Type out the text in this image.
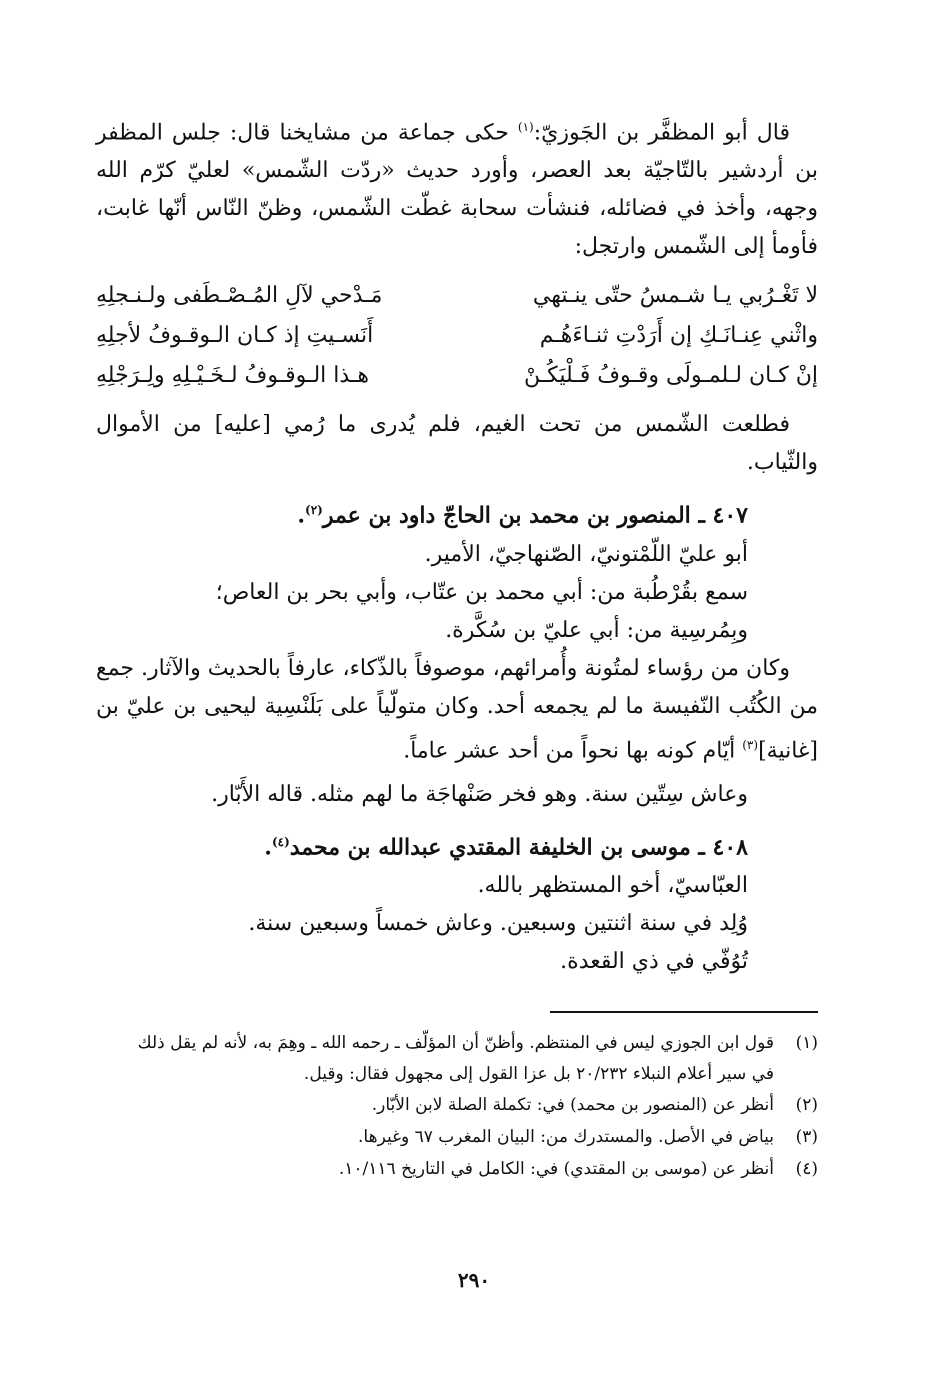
قال أبو المظفَّر بن الجَوزيّ:$^{(١)}$ حكى جماعة من مشايخنا قال: جلس المظفر بن أردشير بالتّاجيّة بعد العصر، وأورد حديث «ردّت الشّمس» لعليّ كرّم الله وجهه، وأخذ في فضائله، فنشأت سحابة غطّت الشّمس، وظنّ النّاس أنّها غابت، فأومأ إلى الشّمس وارتجل:

لا تَغْـرُبي يـا شـمسُ حتّى ينـتهي
مَـدْحي لآلِ المُـصْـطَفى ولـنـجلِهِ
واثْني عِنـانَـكِ إن أَرَدْتِ ثنـاءَهُـم
أَنَسـيتِ إذ كـان الـوقـوفُ لأجلِهِ
إنْ كـان لـلمـولَى وقـوفُ فَـلْيَكُـنْ
هـذا الـوقـوفُ لـخَـيْـلِهِ ولِـرَجْلِهِ

فطلعت الشّمس من تحت الغيم، فلم يُدرى ما رُمي [عليه] من الأموال والثّياب.

٤٠٧ ـ المنصور بن محمد بن الحاجّ داود بن عمر$^{(٢)}$.
أبو عليّ اللّمْتونيّ، الصّنهاجيّ، الأمير.
سمع بقُرْطُبة من: أبي محمد بن عتّاب، وأبي بحر بن العاص؛
وبِمُرسِية من: أبي عليّ بن سُكَّرة.

وكان من رؤساء لمتُونة وأُمرائهم، موصوفاً بالذّكاء، عارفاً بالحديث والآثار. جمع من الكُتُب النّفيسة ما لم يجمعه أحد. وكان متولّياً على بَلَنْسِية ليحيى بن عليّ بن [غانية]$^{(٣)}$ أيّام كونه بها نحواً من أحد عشر عاماً.

وعاش سِتّين سنة. وهو فخر صَنْهاجَة ما لهم مثله. قاله الأَبّار.
٤٠٨ ـ موسى بن الخليفة المقتدي عبدالله بن محمد$^{(٤)}$.
العبّاسيّ، أخو المستظهر بالله.
وُلِد في سنة اثنتين وسبعين. وعاش خمساً وسبعين سنة.
تُوُفّي في ذي القعدة.
(١)
قول ابن الجوزي ليس في المنتظم. وأظنّ أن المؤلّف ـ رحمه الله ـ وهِمَ به، لأنه لم يقل ذلك
في سير أعلام النبلاء ٢٠/٢٣٢ بل عزا القول إلى مجهول فقال: وقيل.
(٢)
أنظر عن (المنصور بن محمد) في: تكملة الصلة لابن الأبّار.
(٣)
بياض في الأصل. والمستدرك من: البيان المغرب ٦٧ وغيرها.
(٤)
أنظر عن (موسى بن المقتدي) في: الكامل في التاريخ ١٠/١١٦.
٢٩٠
